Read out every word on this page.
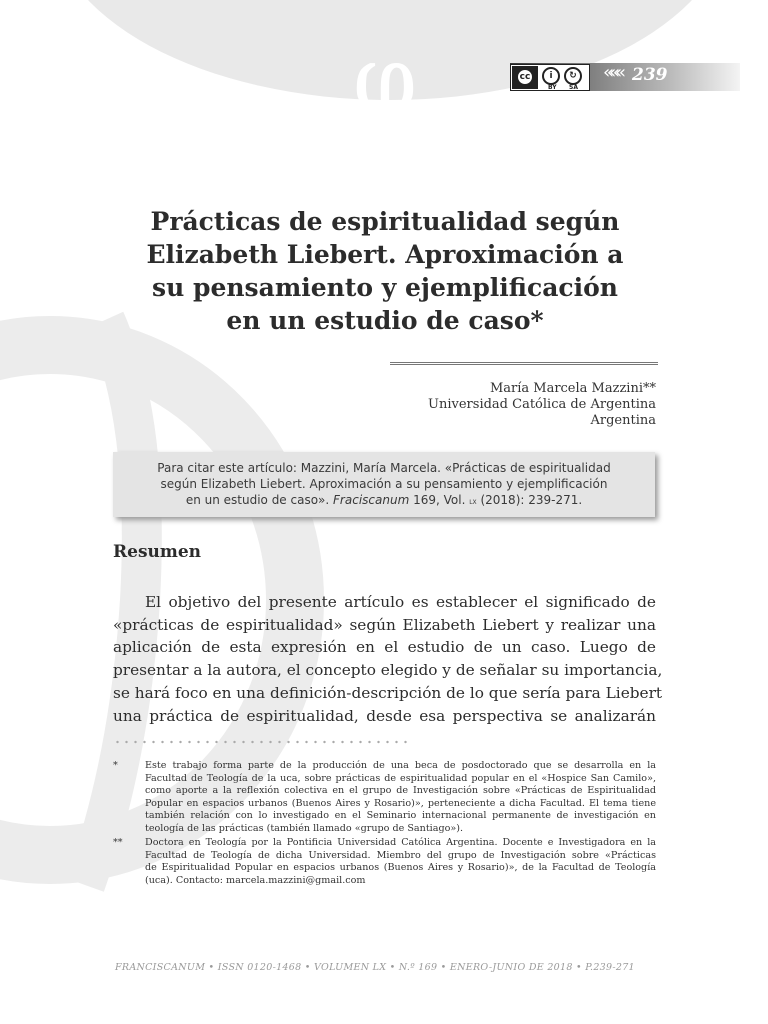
φ	cc	i	↻
BY SA
««« 239
Prácticas de espiritualidad según
Elizabeth Liebert. Aproximación a
su pensamiento y ejemplificación
en un estudio de caso*
María Marcela Mazzini**
Universidad Católica de Argentina
Argentina
Para citar este artículo: Mazzini, María Marcela. «Prácticas de espiritualidad
según Elizabeth Liebert. Aproximación a su pensamiento y ejemplificación
en un estudio de caso». Fraciscanum 169, Vol. lx (2018): 239-271.
Resumen
El objetivo del presente artículo es establecer el significado de
«prácticas de espiritualidad» según Elizabeth Liebert y realizar una
aplicación de esta expresión en el estudio de un caso. Luego de
presentar a la autora, el concepto elegido y de señalar su importancia,
se hará foco en una definición-descripción de lo que sería para Liebert
una práctica de espiritualidad, desde esa perspectiva se analizarán
*	Este trabajo forma parte de la producción de una beca de posdoctorado que se desarrolla en la
Facultad de Teología de la uca, sobre prácticas de espiritualidad popular en el «Hospice San Camilo»,
como aporte a la reflexión colectiva en el grupo de Investigación sobre «Prácticas de Espiritualidad
Popular en espacios urbanos (Buenos Aires y Rosario)», perteneciente a dicha Facultad. El tema tiene
también relación con lo investigado en el Seminario internacional permanente de investigación en
teología de las prácticas (también llamado «grupo de Santiago»).
** Doctora en Teología por la Pontificia Universidad Católica Argentina. Docente e Investigadora en la
Facultad de Teología de dicha Universidad. Miembro del grupo de Investigación sobre «Prácticas
de Espiritualidad Popular en espacios urbanos (Buenos Aires y Rosario)», de la Facultad de Teología
(uca). Contacto: marcela.mazzini@gmail.com
FRANCISCANUM • ISSN 0120-1468 • VOLUMEN LX • N.º 169 • ENERO-JUNIO DE 2018 • P.239-271
